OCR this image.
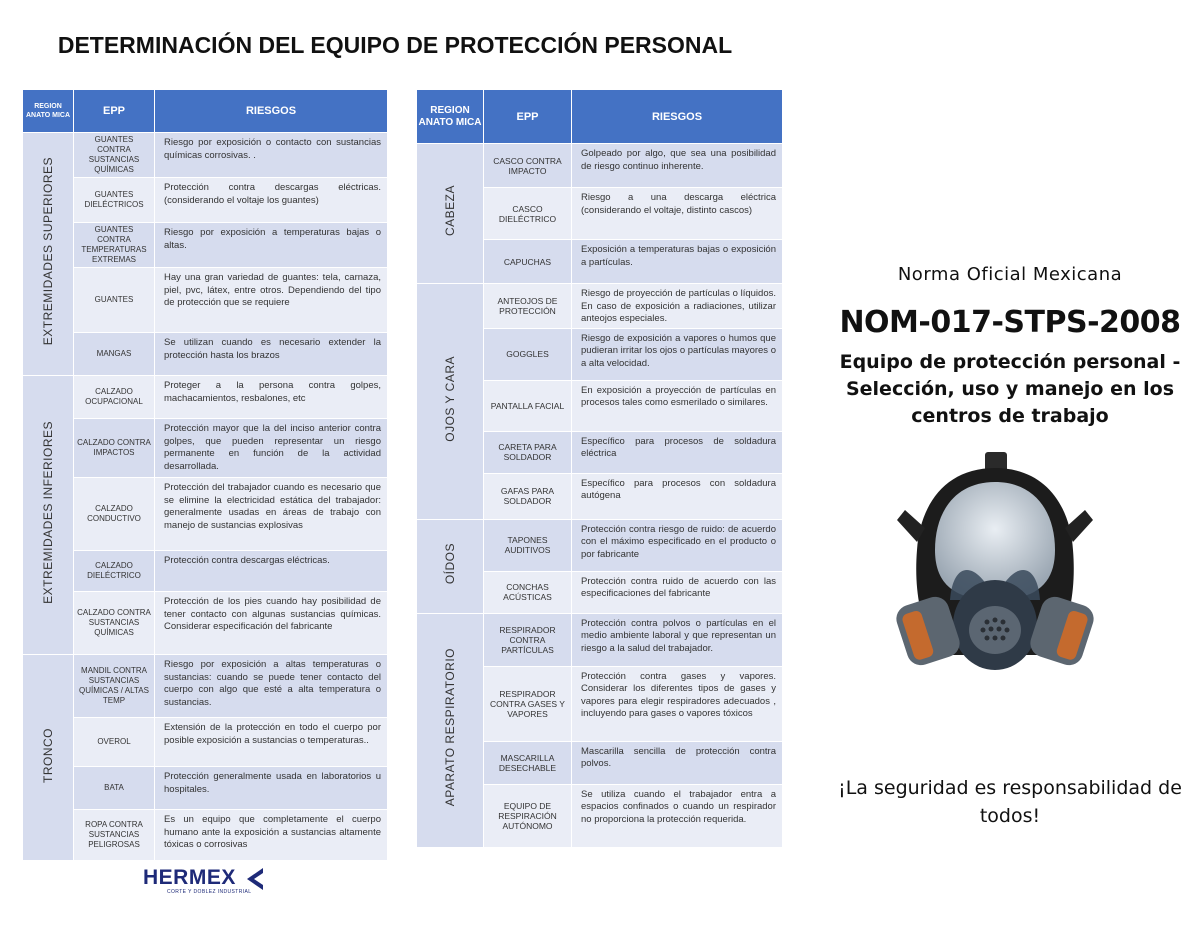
DETERMINACIÓN DEL EQUIPO DE PROTECCIÓN PERSONAL
REGION ANATO MICA	EPP	RIESGOS
EXTREMIDADES SUPERIORES	GUANTES CONTRA SUSTANCIAS QUÍMICAS	Riesgo por exposición o contacto con sustancias químicas corrosivas. .
	GUANTES DIELÉCTRICOS	Protección contra descargas eléctricas. (considerando el voltaje los guantes)
	GUANTES CONTRA TEMPERATURAS EXTREMAS	Riesgo por exposición a temperaturas bajas o altas.
	GUANTES	Hay una gran variedad de guantes: tela, carnaza, piel, pvc, látex, entre otros. Dependiendo del tipo de protección que se requiere
	MANGAS	Se utilizan cuando es necesario extender la protección hasta los brazos
EXTREMIDADES INFERIORES	CALZADO OCUPACIONAL	Proteger a la persona contra golpes, machacamientos, resbalones, etc
	CALZADO CONTRA IMPACTOS	Protección mayor que la del inciso anterior contra golpes, que pueden representar un riesgo permanente en función de la actividad desarrollada.
	CALZADO CONDUCTIVO	Protección del trabajador cuando es necesario que se elimine la electricidad estática del trabajador: generalmente usadas en áreas de trabajo con manejo de sustancias explosivas
	CALZADO DIELÉCTRICO	Protección contra descargas eléctricas.
	CALZADO CONTRA SUSTANCIAS QUÍMICAS	Protección de los pies cuando hay posibilidad de tener contacto con algunas sustancias químicas. Considerar especificación del fabricante
TRONCO	MANDIL CONTRA SUSTANCIAS QUÍMICAS / ALTAS TEMP	Riesgo por exposición a altas temperaturas o sustancias: cuando se puede tener contacto del cuerpo con algo que esté a alta temperatura o sustancias.
	OVEROL	Extensión de la protección en todo el cuerpo por posible exposición a sustancias o temperaturas..
	BATA	Protección generalmente usada en laboratorios u hospitales.
	ROPA CONTRA SUSTANCIAS PELIGROSAS	Es un equipo que completamente el cuerpo humano ante la exposición a sustancias altamente tóxicas o corrosivas
REGION ANATO MICA	EPP	RIESGOS
CABEZA	CASCO CONTRA IMPACTO	Golpeado por algo, que sea una posibilidad de riesgo continuo inherente.
	CASCO DIELÉCTRICO	Riesgo a una descarga eléctrica (considerando el voltaje, distinto cascos)
	CAPUCHAS	Exposición a temperaturas bajas o exposición a partículas.
OJOS Y CARA	ANTEOJOS DE PROTECCIÓN	Riesgo de proyección de partículas o líquidos. En caso de exposición a radiaciones, utilizar anteojos especiales.
	GOGGLES	Riesgo de exposición a vapores o humos que pudieran irritar los ojos o partículas mayores o a alta velocidad.
	PANTALLA FACIAL	En exposición a proyección de partículas en procesos tales como esmerilado o similares.
	CARETA PARA SOLDADOR	Específico para procesos de soldadura eléctrica
	GAFAS PARA SOLDADOR	Específico para procesos con soldadura autógena
OÍDOS	TAPONES AUDITIVOS	Protección contra riesgo de ruido: de acuerdo con el máximo especificado en el producto o por fabricante
	CONCHAS ACÚSTICAS	Protección contra ruido de acuerdo con las especificaciones del fabricante
APARATO RESPIRATORIO	RESPIRADOR CONTRA PARTÍCULAS	Protección contra polvos o partículas en el medio ambiente laboral y que representan un riesgo a la salud del trabajador.
	RESPIRADOR CONTRA GASES Y VAPORES	Protección contra gases y vapores. Considerar los diferentes tipos de gases y vapores para elegir respiradores adecuados , incluyendo para gases o vapores tóxicos
	MASCARILLA DESECHABLE	Mascarilla sencilla de protección contra polvos.
	EQUIPO DE RESPIRACIÓN AUTÓNOMO	Se utiliza cuando el trabajador entra a espacios confinados o cuando un respirador no proporciona la protección requerida.
HERMEX
CORTE Y DOBLEZ INDUSTRIAL
Norma Oficial Mexicana
NOM-017-STPS-2008
Equipo de protección personal - Selección, uso y manejo en los centros de trabajo
¡La seguridad es responsabilidad de todos!
